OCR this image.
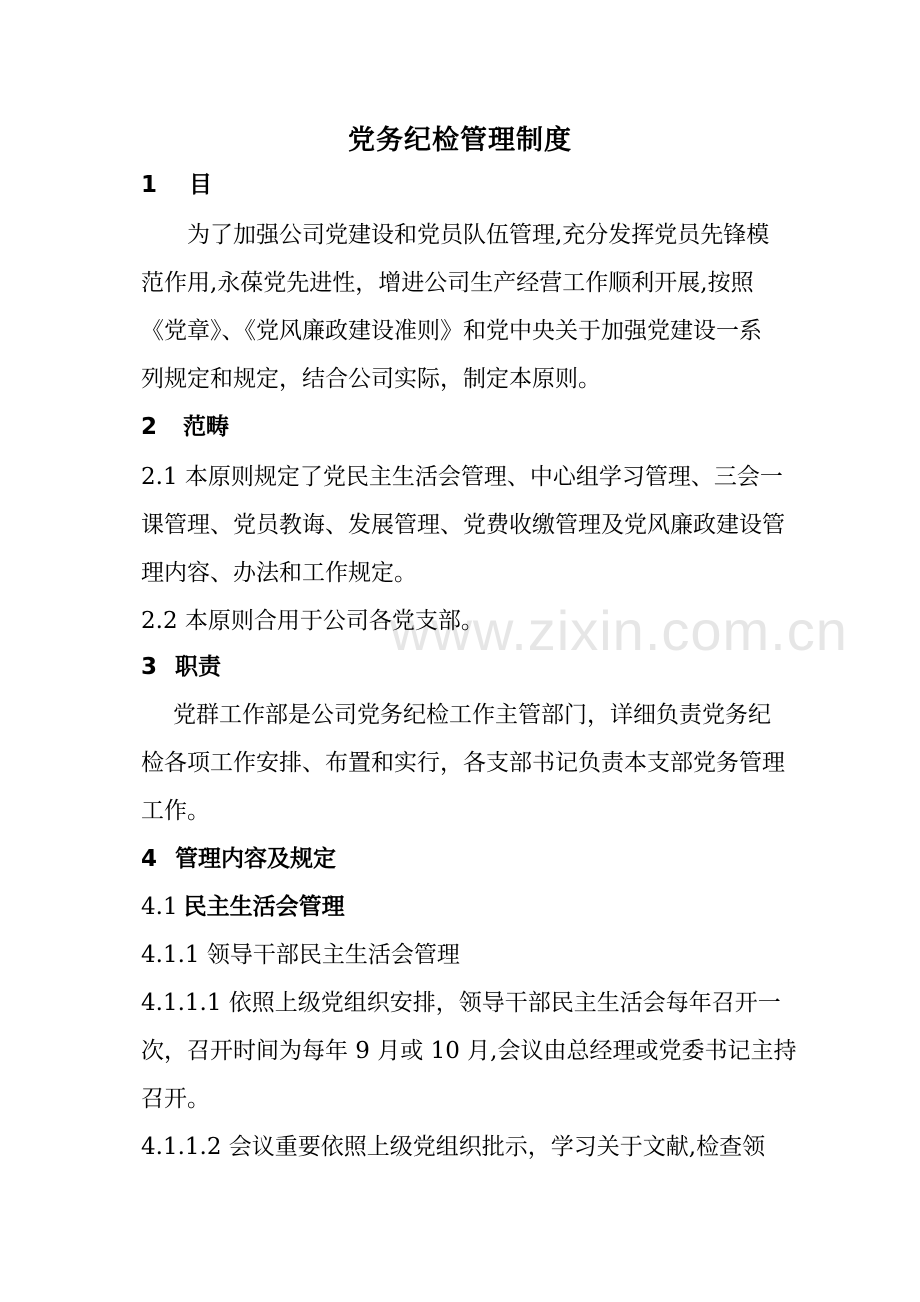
www.zixin.com.cn
党务纪检管理制度
1 目
为了加强公司党建设和党员队伍管理,充分发挥党员先锋模
范作用,永葆党先进性，增进公司生产经营工作顺利开展,按照
《党章》、《党风廉政建设准则》和党中央关于加强党建设一系
列规定和规定，结合公司实际，制定本原则。
2 范畴
2.1 本原则规定了党民主生活会管理、中心组学习管理、三会一
课管理、党员教诲、发展管理、党费收缴管理及党风廉政建设管
理内容、办法和工作规定。
2.2 本原则合用于公司各党支部。
3 职责
党群工作部是公司党务纪检工作主管部门，详细负责党务纪
检各项工作安排、布置和实行，各支部书记负责本支部党务管理
工作。
4 管理内容及规定
4.1 民主生活会管理
4.1.1 领导干部民主生活会管理
4.1.1.1 依照上级党组织安排，领导干部民主生活会每年召开一
次，召开时间为每年 9 月或 10 月,会议由总经理或党委书记主持
召开。
4.1.1.2 会议重要依照上级党组织批示，学习关于文献,检查领
